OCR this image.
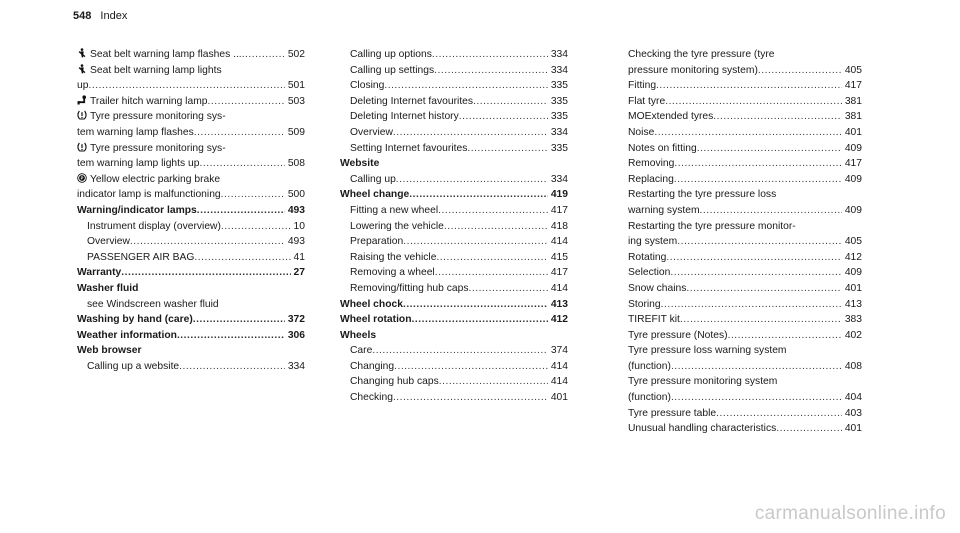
548 Index
Seat belt warning lamp flashes ... .....	502
Seat belt warning lamp lights
up .....	501
Trailer hitch warning lamp .....	503
Tyre pressure monitoring sys-
tem warning lamp flashes .....	509
Tyre pressure monitoring sys-
tem warning lamp lights up .....	508
P Yellow electric parking brake
indicator lamp is malfunctioning .....	500
Warning/indicator lamps .....	493
Instrument display (overview) .....	10
Overview .....	493
PASSENGER AIR BAG .....	41
Warranty .....	27
Washer fluid
see Windscreen washer fluid
Washing by hand (care) .....	372
Weather information .....	306
Web browser
Calling up a website .....	334
Calling up options .....	334
Calling up settings .....	334
Closing .....	335
Deleting Internet favourites .....	335
Deleting Internet history .....	335
Overview .....	334
Setting Internet favourites .....	335
Website
Calling up .....	334
Wheel change .....	419
Fitting a new wheel .....	417
Lowering the vehicle .....	418
Preparation .....	414
Raising the vehicle .....	415
Removing a wheel .....	417
Removing/fitting hub caps .....	414
Wheel chock .....	413
Wheel rotation .....	412
Wheels
Care .....	374
Changing .....	414
Changing hub caps .....	414
Checking .....	401
Checking the tyre pressure (tyre
pressure monitoring system) .....	405
Fitting .....	417
Flat tyre .....	381
MOExtended tyres .....	381
Noise .....	401
Notes on fitting .....	409
Removing .....	417
Replacing .....	409
Restarting the tyre pressure loss
warning system .....	409
Restarting the tyre pressure monitor-
ing system .....	405
Rotating .....	412
Selection .....	409
Snow chains .....	401
Storing .....	413
TIREFIT kit .....	383
Tyre pressure (Notes) .....	402
Tyre pressure loss warning system
(function) .....	408
Tyre pressure monitoring system
(function) .....	404
Tyre pressure table .....	403
Unusual handling characteristics .....	401
carmanualsonline.info
